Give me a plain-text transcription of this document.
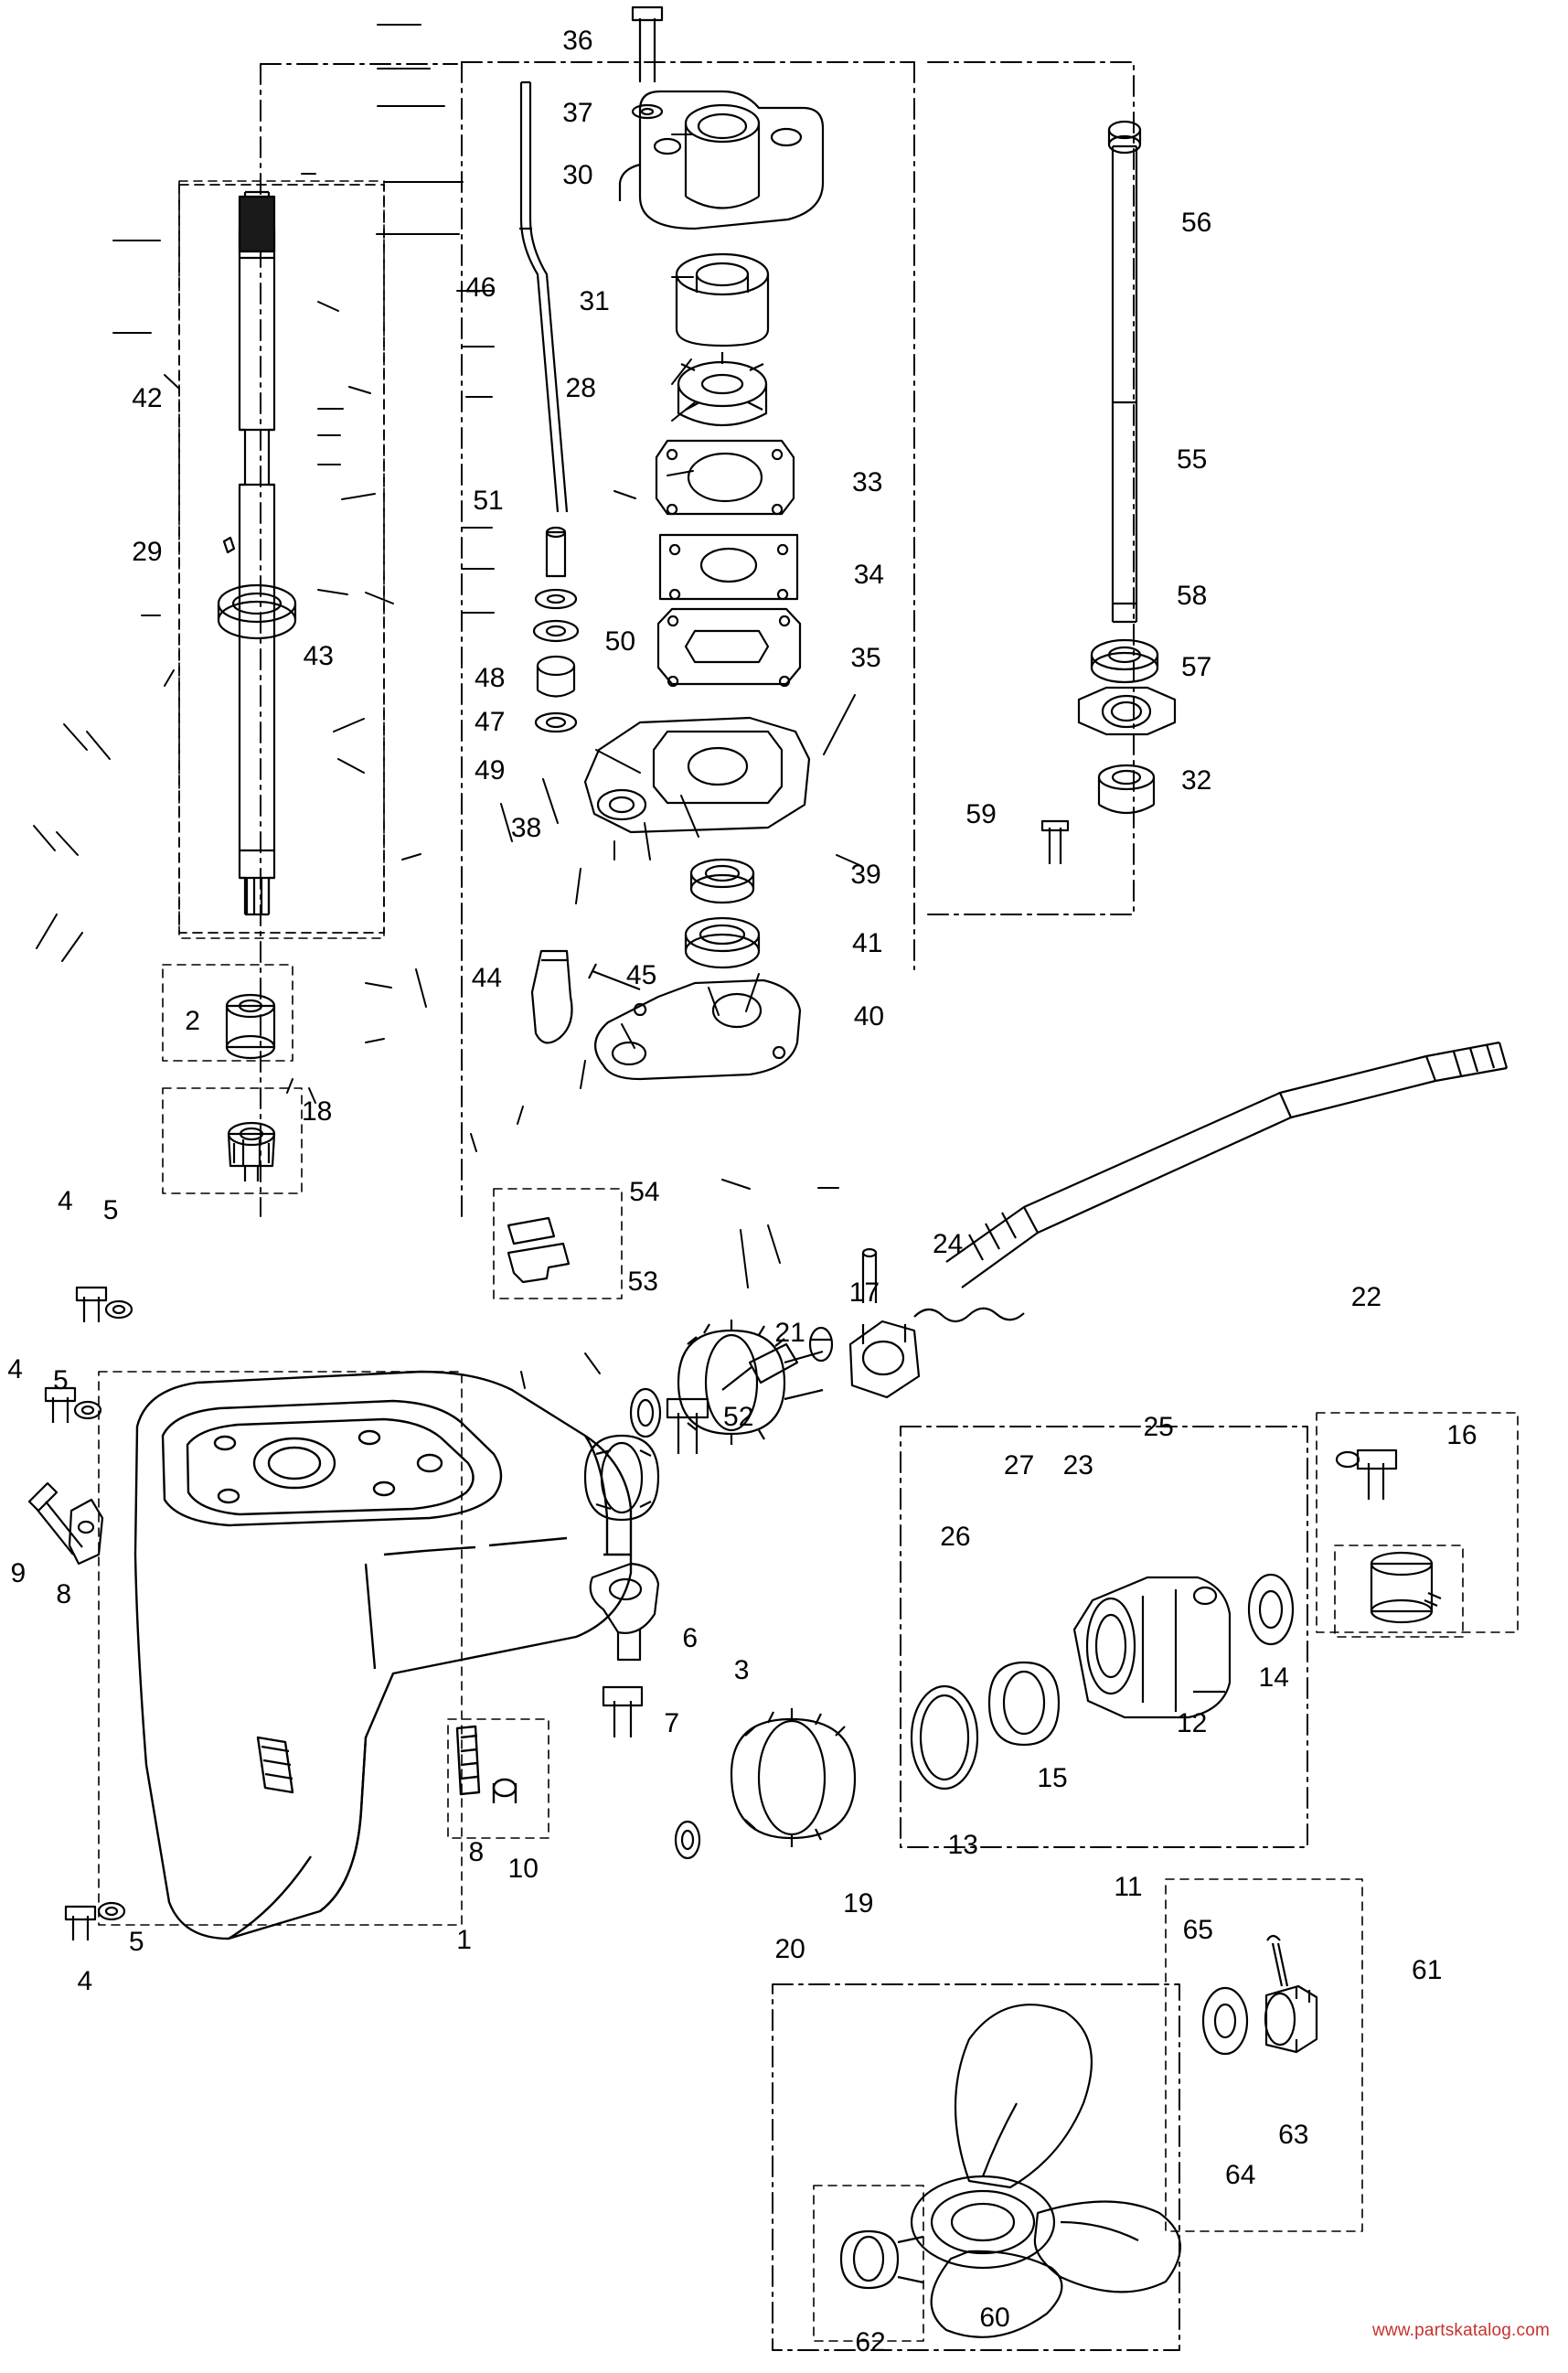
36
37
30
46	31
28
33
51
34
35
50
48
47
49
38
39
41
45
44
40
42
29
43
2
18
56
55
58
57
32
59
54
53
4 5
4 5
9
8
52
21
17
24
27
26
23
25
22
16
3
6
7
8
10
1
4
5
14
12
15
13
11
19
20
65
61
63
64
62
60	www.partskatalog.com
